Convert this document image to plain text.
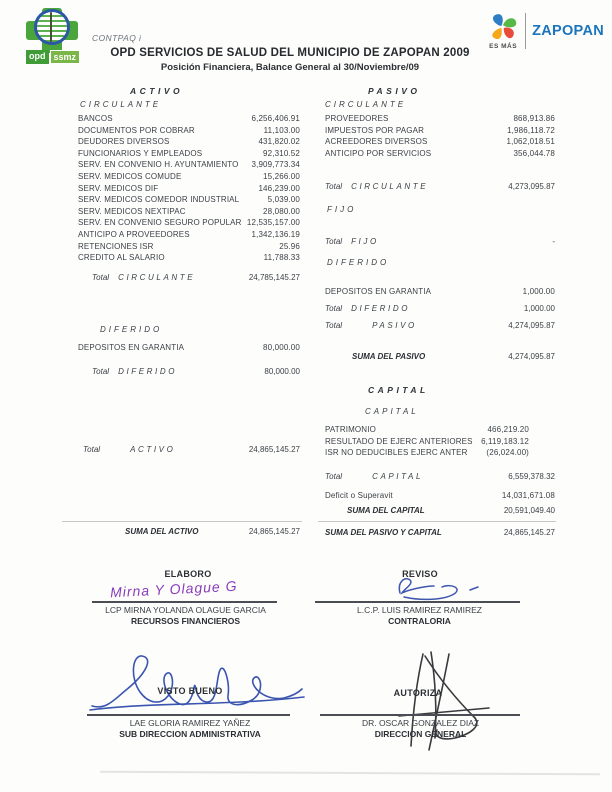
opd ssmz
CONTPAQ i
OPD SERVICIOS DE SALUD DEL MUNICIPIO DE ZAPOPAN 2009
Posición Financiera, Balance General al 30/Noviembre/09
ES MÁS
ZAPOPAN
ACTIVO
CIRCULANTE
BANCOS	6,256,406.91
DOCUMENTOS POR COBRAR	11,103.00
DEUDORES DIVERSOS	431,820.02
FUNCIONARIOS Y EMPLEADOS	92,310.52
SERV. EN CONVENIO H. AYUNTAMIENTO 3,909,773.34
SERV. MEDICOS COMUDE	15,266.00
SERV. MEDICOS DIF	146,239.00
SERV. MEDICOS COMEDOR INDUSTRIAL	5,039.00
SERV. MEDICOS NEXTIPAC	28,080.00
SERV. EN CONVENIO SEGURO POPULAR 12,535,157.00
ANTICIPO A PROVEEDORES	1,342,136.19
RETENCIONES ISR	25.96
CREDITO AL SALARIO	11,788.33
Total CIRCULANTE	24,785,145.27
DIFERIDO
DEPOSITOS EN GARANTIA	80,000.00
Total DIFERIDO	80,000.00
Total	ACTIVO	24,865,145.27
SUMA DEL ACTIVO	24,865,145.27
PASIVO
CIRCULANTE
PROVEEDORES	868,913.86
IMPUESTOS POR PAGAR	1,986,118.72
ACREEDORES DIVERSOS	1,062,018.51
ANTICIPO POR SERVICIOS	356,044.78
Total CIRCULANTE	4,273,095.87
FIJO
Total FIJO	-
DIFERIDO
DEPOSITOS EN GARANTIA	1,000.00
Total DIFERIDO	1,000.00
Total	PASIVO	4,274,095.87
SUMA DEL PASIVO	4,274,095.87
CAPITAL
CAPITAL
PATRIMONIO	466,219.20
RESULTADO DE EJERC ANTERIORES 6,119,183.12
ISR NO DEDUCIBLES EJERC ANTER (26,024.00)
Total	CAPITAL	6,559,378.32
Deficit o Superavit	14,031,671.08
SUMA DEL CAPITAL	20,591,049.40
SUMA DEL PASIVO Y CAPITAL	24,865,145.27
ELABORO
Mirna Y Olague G
LCP MIRNA YOLANDA OLAGUE GARCIA
RECURSOS FINANCIEROS
REVISO
L.C.P. LUIS RAMIREZ RAMIREZ
CONTRALORIA
VISTO BUENO
LAE GLORIA RAMIREZ YAÑEZ
SUB DIRECCION ADMINISTRATIVA
AUTORIZA
DR. OSCAR GONZALEZ DIAZ
DIRECCION GENERAL
